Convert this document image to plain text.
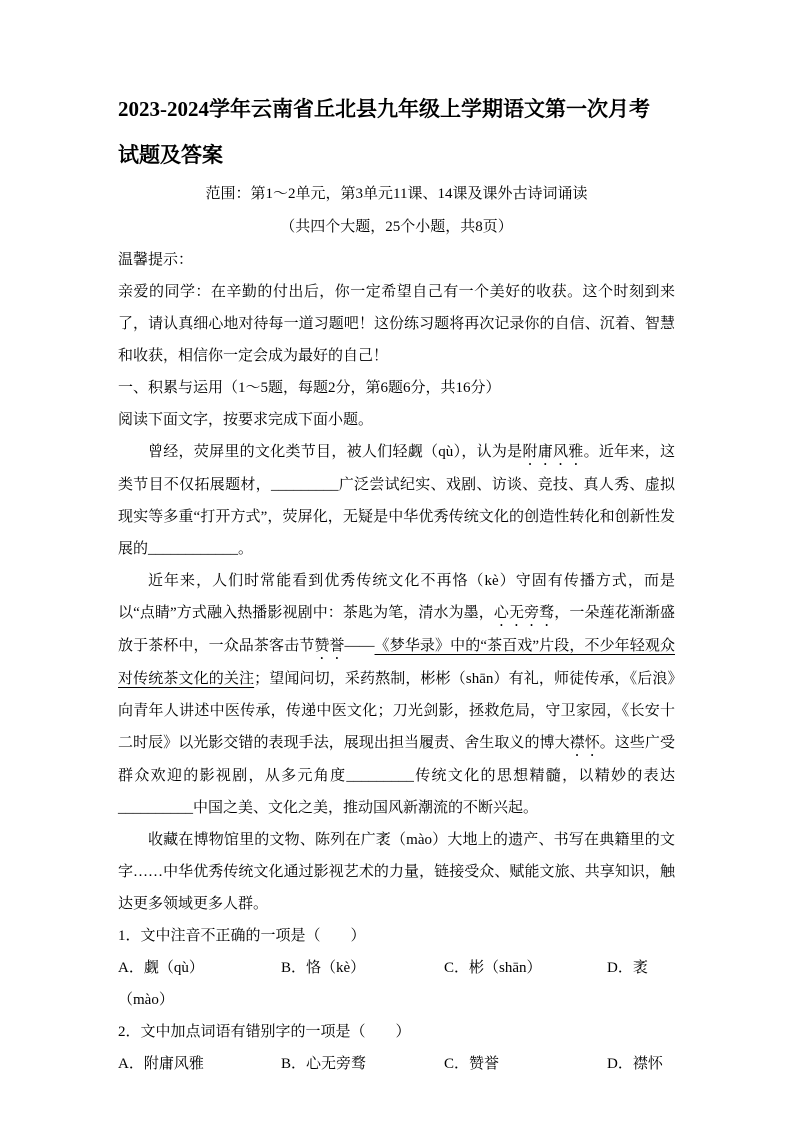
2023-2024学年云南省丘北县九年级上学期语文第一次月考

试题及答案

范围：第1～2单元，第3单元11课、14课及课外古诗词诵读

（共四个大题，25个小题，共8页）

温馨提示：

亲爱的同学：在辛勤的付出后，你一定希望自己有一个美好的收获。这个时刻到来了，请认真细心地对待每一道习题吧！这份练习题将再次记录你的自信、沉着、智慧和收获，相信你一定会成为最好的自己！

一、积累与运用（1～5题，每题2分，第6题6分，共16分）

阅读下面文字，按要求完成下面小题。

曾经，荧屏里的文化类节目，被人们轻觑（qù），认为是附庸风雅。近年来，这类节目不仅拓展题材，_________广泛尝试纪实、戏剧、访谈、竞技、真人秀、虚拟现实等多重“打开方式”，荧屏化，无疑是中华优秀传统文化的创造性转化和创新性发展的____________。

近年来，人们时常能看到优秀传统文化不再恪（kè）守固有传播方式，而是以“点睛”方式融入热播影视剧中：茶匙为笔，清水为墨，心无旁骛，一朵莲花渐渐盛放于茶杯中，一众品茶客击节赞誉——《梦华录》中的“茶百戏”片段，不少年轻观众对传统茶文化的关注；望闻问切，采药熬制，彬彬（shān）有礼，师徒传承，《后浪》向青年人讲述中医传承，传递中医文化；刀光剑影，拯救危局，守卫家园，《长安十二时辰》以光影交错的表现手法，展现出担当履责、舍生取义的博大襟怀。这些广受群众欢迎的影视剧，从多元角度_________传统文化的思想精髓，以精妙的表达__________中国之美、文化之美，推动国风新潮流的不断兴起。

收藏在博物馆里的文物、陈列在广袤（mào）大地上的遗产、书写在典籍里的文字……中华优秀传统文化通过影视艺术的力量，链接受众、赋能文旅、共享知识，触达更多领域更多人群。

1．文中注音不正确的一项是（　　）

A．觑（qù）	B．恪（kè）	C．彬（shān）	D．袤

（mào）

2．文中加点词语有错别字的一项是（　　）

A．附庸风雅	B．心无旁骛	C．赞誉	D．襟怀
